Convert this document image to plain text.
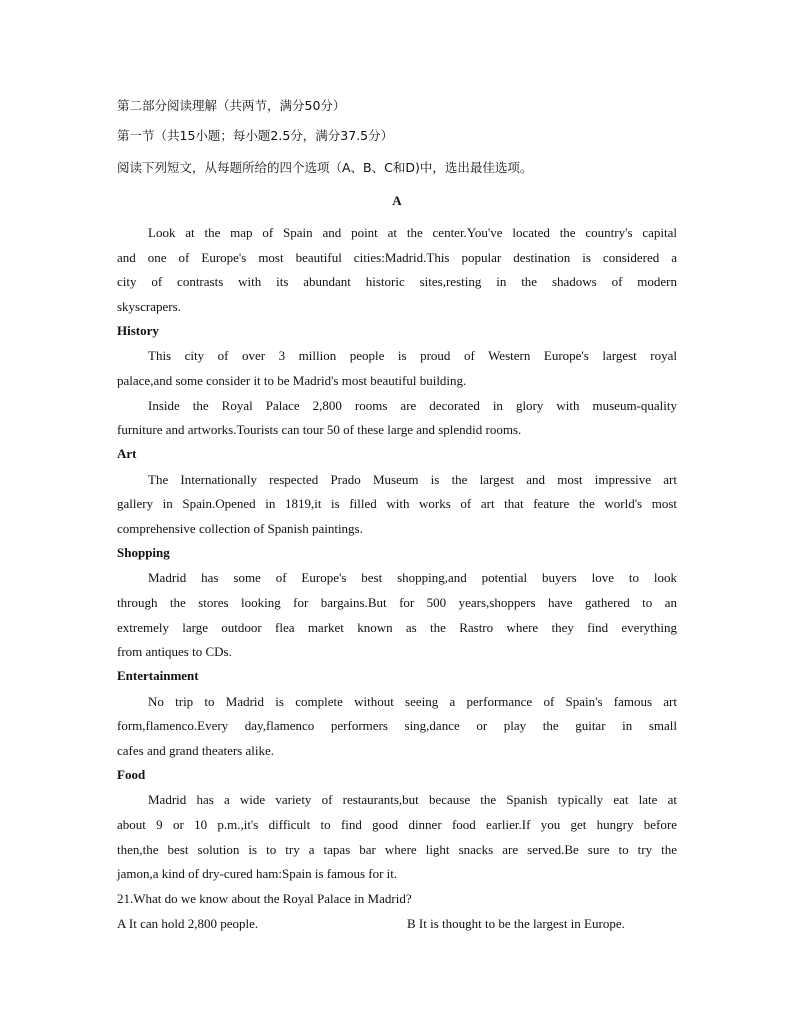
第二部分阅读理解（共两节，满分50分）
第一节（共15小题；每小题2.5分，满分37.5分）
阅读下列短文，从每题所给的四个选项（A、B、C和D)中，选出最佳选项。
A
Look at the map of Spain and point at the center.You've located the country's capital
and one of Europe's most beautiful cities:Madrid.This popular destination is considered a
city of contrasts with its abundant historic sites,resting in the shadows of modern
skyscrapers.
History
This city of over 3 million people is proud of Western Europe's largest royal
palace,and some consider it to be Madrid's most beautiful building.
Inside the Royal Palace 2,800 rooms are decorated in glory with museum-quality
furniture and artworks.Tourists can tour 50 of these large and splendid rooms.
Art
The Internationally respected Prado Museum is the largest and most impressive art
gallery in Spain.Opened in 1819,it is filled with works of art that feature the world's most
comprehensive collection of Spanish paintings.
Shopping
Madrid has some of Europe's best shopping,and potential buyers love to look
through the stores looking for bargains.But for 500 years,shoppers have gathered to an
extremely large outdoor flea market known as the Rastro where they find everything
from antiques to CDs.
Entertainment
No trip to Madrid is complete without seeing a performance of Spain's famous art
form,flamenco.Every day,flamenco performers sing,dance or play the guitar in small
cafes and grand theaters alike.
Food
Madrid has a wide variety of restaurants,but because the Spanish typically eat late at
about 9 or 10 p.m.,it's difficult to find good dinner food earlier.If you get hungry before
then,the best solution is to try a tapas bar where light snacks are served.Be sure to try the
jamon,a kind of dry-cured ham:Spain is famous for it.
21.What do we know about the Royal Palace in Madrid?
A It can hold 2,800 people.	B It is thought to be the largest in Europe.
